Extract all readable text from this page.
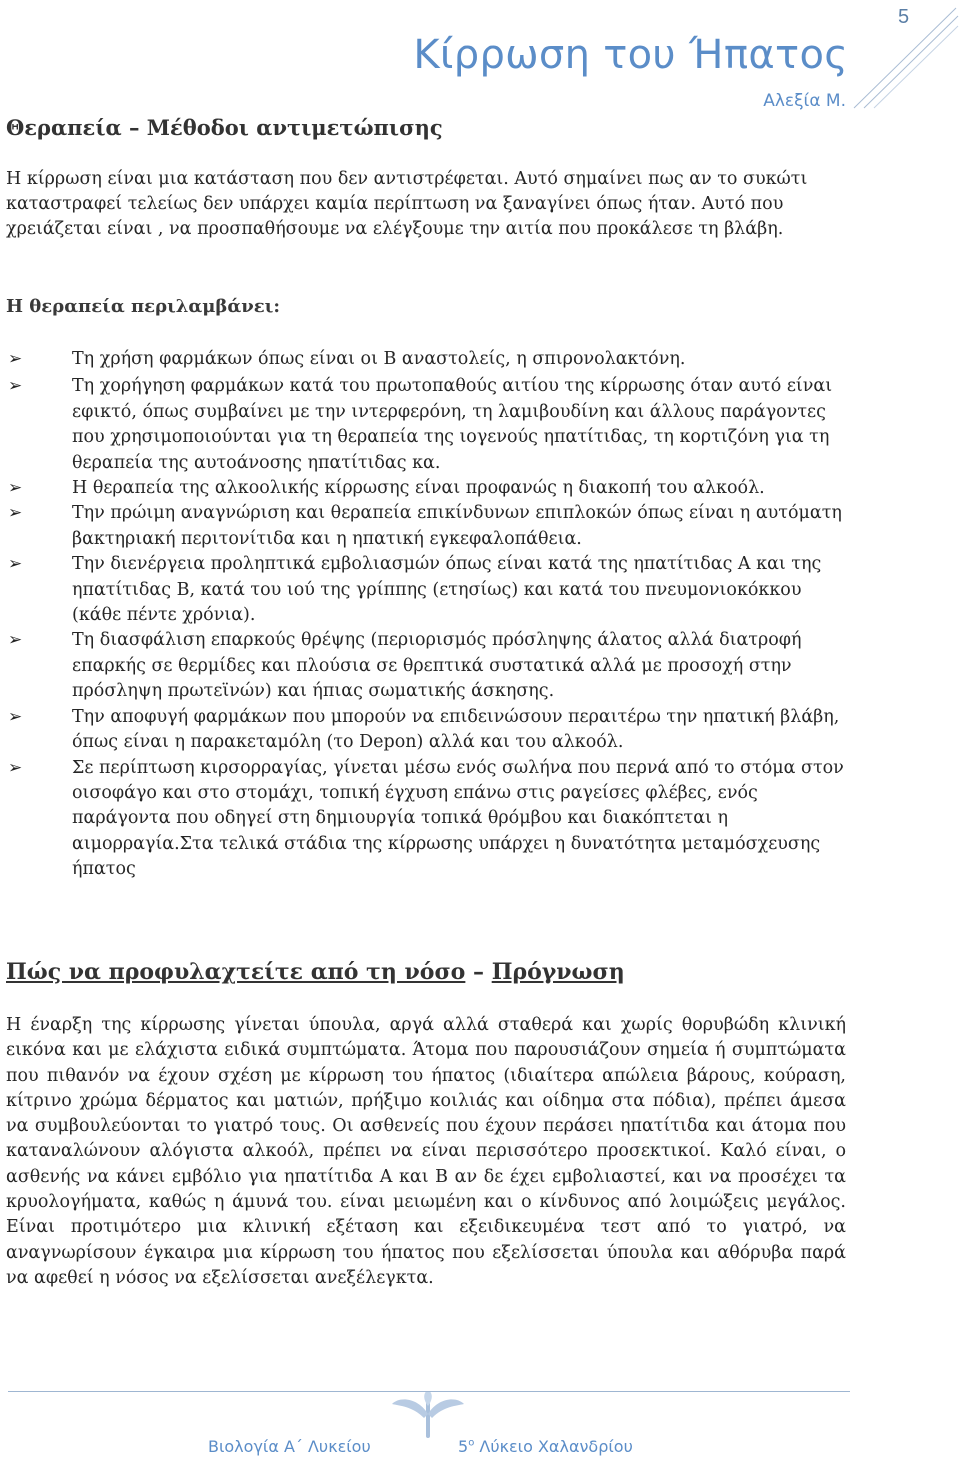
5
Κίρρωση του Ήπατος
Αλεξία Μ.
Θεραπεία – Μέθοδοι αντιμετώπισης

Η κίρρωση είναι μια κατάσταση που δεν αντιστρέφεται. Αυτό σημαίνει πως αν το συκώτι καταστραφεί τελείως δεν υπάρχει καμία περίπτωση να ξαναγίνει όπως ήταν. Αυτό που χρειάζεται είναι , να προσπαθήσουμε να ελέγξουμε την αιτία που προκάλεσε τη βλάβη.

Η θεραπεία περιλαμβάνει:
➢	Τη χρήση φαρμάκων όπως είναι οι Β αναστολείς, η σπιρονολακτόνη.
➢	Τη χορήγηση φαρμάκων κατά του πρωτοπαθούς αιτίου της κίρρωσης όταν αυτό είναι εφικτό, όπως συμβαίνει με την ιντερφερόνη, τη λαμιβουδίνη και άλλους παράγοντες που χρησιμοποιούνται για τη θεραπεία της ιογενούς ηπατίτιδας, τη κορτιζόνη για τη θεραπεία της αυτοάνοσης ηπατίτιδας κα.
➢	Η θεραπεία της αλκοολικής κίρρωσης είναι προφανώς η διακοπή του αλκοόλ.
➢	Την πρώιμη αναγνώριση και θεραπεία επικίνδυνων επιπλοκών όπως είναι η αυτόματη βακτηριακή περιτονίτιδα και η ηπατική εγκεφαλοπάθεια.
➢	Την διενέργεια προληπτικά εμβολιασμών όπως είναι κατά της ηπατίτιδας Α και της ηπατίτιδας Β, κατά του ιού της γρίππης (ετησίως) και κατά του πνευμονιοκόκκου (κάθε πέντε χρόνια).
➢	Τη διασφάλιση επαρκούς θρέψης (περιορισμός πρόσληψης άλατος αλλά διατροφή επαρκής σε θερμίδες και πλούσια σε θρεπτικά συστατικά αλλά με προσοχή στην πρόσληψη πρωτεϊνών) και ήπιας σωματικής άσκησης.
➢	Την αποφυγή φαρμάκων που μπορούν να επιδεινώσουν περαιτέρω την ηπατική βλάβη, όπως είναι η παρακεταμόλη (το Depon) αλλά και του αλκοόλ.
➢	Σε περίπτωση κιρσορραγίας, γίνεται μέσω ενός σωλήνα που περνά από το στόμα στον οισοφάγο και στο στομάχι, τοπική έγχυση επάνω στις ραγείσες φλέβες, ενός παράγοντα που οδηγεί στη δημιουργία τοπικά θρόμβου και διακόπτεται η αιμορραγία.Στα τελικά στάδια της κίρρωσης υπάρχει η δυνατότητα μεταμόσχευσης ήπατος
Πώς να προφυλαχτείτε από τη νόσο – Πρόγνωση

Η έναρξη της κίρρωσης γίνεται ύπουλα, αργά αλλά σταθερά και χωρίς θορυβώδη κλινική εικόνα και με ελάχιστα ειδικά συμπτώματα. Άτομα που παρουσιάζουν σημεία ή συμπτώματα που πιθανόν να έχουν σχέση με κίρρωση του ήπατος (ιδιαίτερα απώλεια βάρους, κούραση, κίτρινο χρώμα δέρματος και ματιών, πρήξιμο κοιλιάς και οίδημα στα πόδια), πρέπει άμεσα να συμβουλεύονται το γιατρό τους. Οι ασθενείς που έχουν περάσει ηπατίτιδα και άτομα που καταναλώνουν αλόγιστα αλκοόλ, πρέπει να είναι περισσότερο προσεκτικοί. Καλό είναι, ο ασθενής να κάνει εμβόλιο για ηπατίτιδα Α και Β αν δε έχει εμβολιαστεί, και να προσέχει τα κρυολογήματα, καθώς η άμυνά του. είναι μειωμένη και ο κίνδυνος από λοιμώξεις μεγάλος. Είναι προτιμότερο μια κλινική εξέταση και εξειδικευμένα τεστ από το γιατρό, να αναγνωρίσουν έγκαιρα μια κίρρωση του ήπατος που εξελίσσεται ύπουλα και αθόρυβα παρά να αφεθεί η νόσος να εξελίσσεται ανεξέλεγκτα.

Βιολογία Α΄ Λυκείου	$5^o$ Λύκειο Χαλανδρίου
